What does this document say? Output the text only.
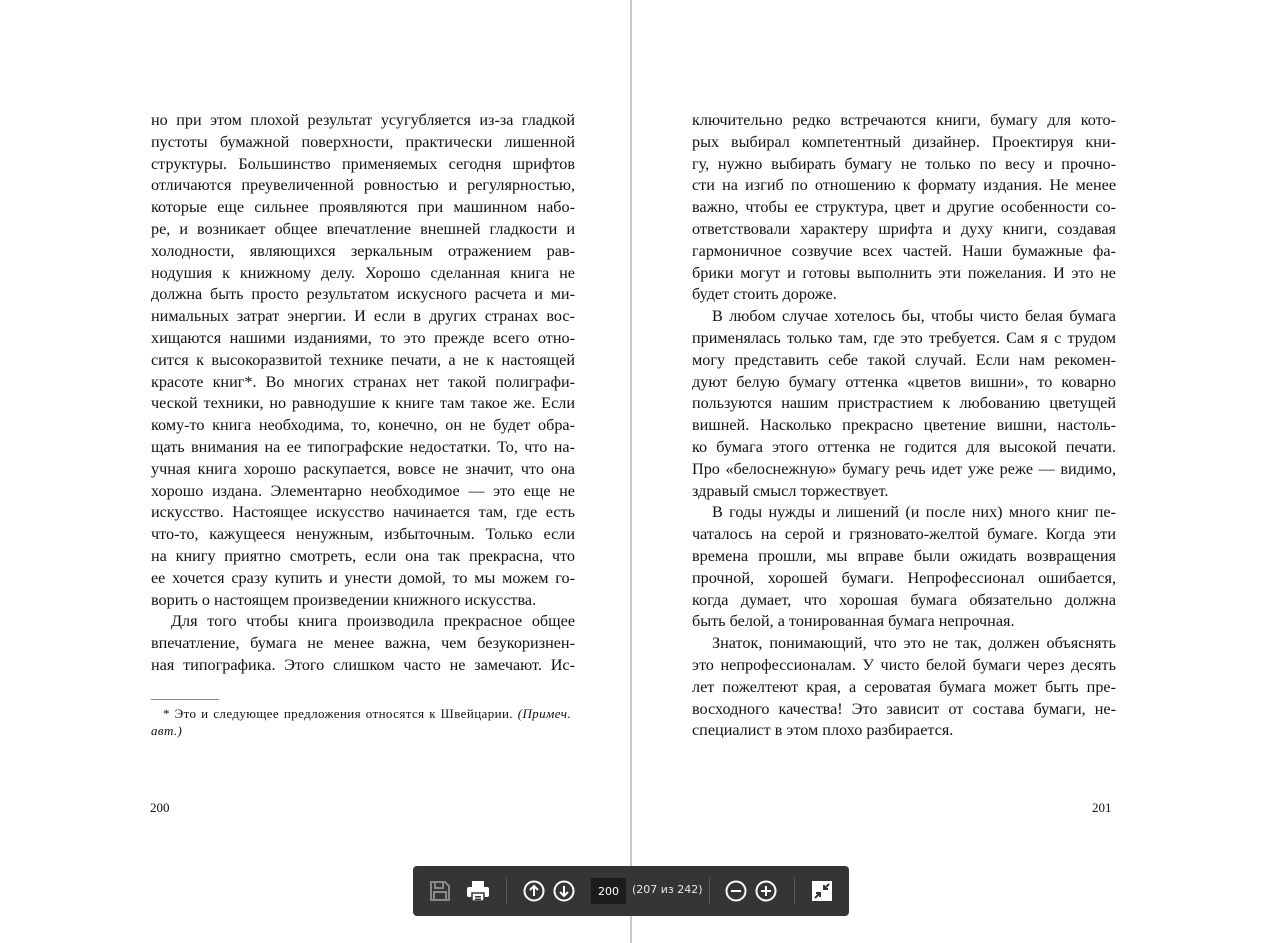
но при этом плохой результат усугубляется из-за гладкой
пустоты бумажной поверхности, практически лишенной
структуры. Большинство применяемых сегодня шрифтов
отличаются преувеличенной ровностью и регулярностью,
которые еще сильнее проявляются при машинном набо-
ре, и возникает общее впечатление внешней гладкости и
холодности, являющихся зеркальным отражением рав-
нодушия к книжному делу. Хорошо сделанная книга не
должна быть просто результатом искусного расчета и ми-
нимальных затрат энергии. И если в других странах вос-
хищаются нашими изданиями, то это прежде всего отно-
сится к высокоразвитой технике печати, а не к настоящей
красоте книг*. Во многих странах нет такой полиграфи-
ческой техники, но равнодушие к книге там такое же. Если
кому-то книга необходима, то, конечно, он не будет обра-
щать внимания на ее типографские недостатки. То, что на-
учная книга хорошо раскупается, вовсе не значит, что она
хорошо издана. Элементарно необходимое — это еще не
искусство. Настоящее искусство начинается там, где есть
что-то, кажущееся ненужным, избыточным. Только если
на книгу приятно смотреть, если она так прекрасна, что
ее хочется сразу купить и унести домой, то мы можем го-
ворить о настоящем произведении книжного искусства.
Для того чтобы книга производила прекрасное общее
впечатление, бумага не менее важна, чем безукоризнен-
ная типографика. Этого слишком часто не замечают. Ис-
ключительно редко встречаются книги, бумагу для кото-
рых выбирал компетентный дизайнер. Проектируя кни-
гу, нужно выбирать бумагу не только по весу и прочно-
сти на изгиб по отношению к формату издания. Не менее
важно, чтобы ее структура, цвет и другие особенности со-
ответствовали характеру шрифта и духу книги, создавая
гармоничное созвучие всех частей. Наши бумажные фа-
брики могут и готовы выполнить эти пожелания. И это не
будет стоить дороже.
В любом случае хотелось бы, чтобы чисто белая бумага
применялась только там, где это требуется. Сам я с трудом
могу представить себе такой случай. Если нам рекомен-
дуют белую бумагу оттенка «цветов вишни», то коварно
пользуются нашим пристрастием к любованию цветущей
вишней. Насколько прекрасно цветение вишни, настоль-
ко бумага этого оттенка не годится для высокой печати.
Про «белоснежную» бумагу речь идет уже реже — видимо,
здравый смысл торжествует.
В годы нужды и лишений (и после них) много книг пе-
чаталось на серой и грязновато-желтой бумаге. Когда эти
времена прошли, мы вправе были ожидать возвращения
прочной, хорошей бумаги. Непрофессионал ошибается,
когда думает, что хорошая бумага обязательно должна
быть белой, а тонированная бумага непрочная.
Знаток, понимающий, что это не так, должен объяснять
это непрофессионалам. У чисто белой бумаги через десять
лет пожелтеют края, а сероватая бумага может быть пре-
восходного качества! Это зависит от состава бумаги, не-
специалист в этом плохо разбирается.
* Это и следующее предложения относятся к Швейцарии. (Примеч.
авт.)
200	201
200
(207 из 242)
